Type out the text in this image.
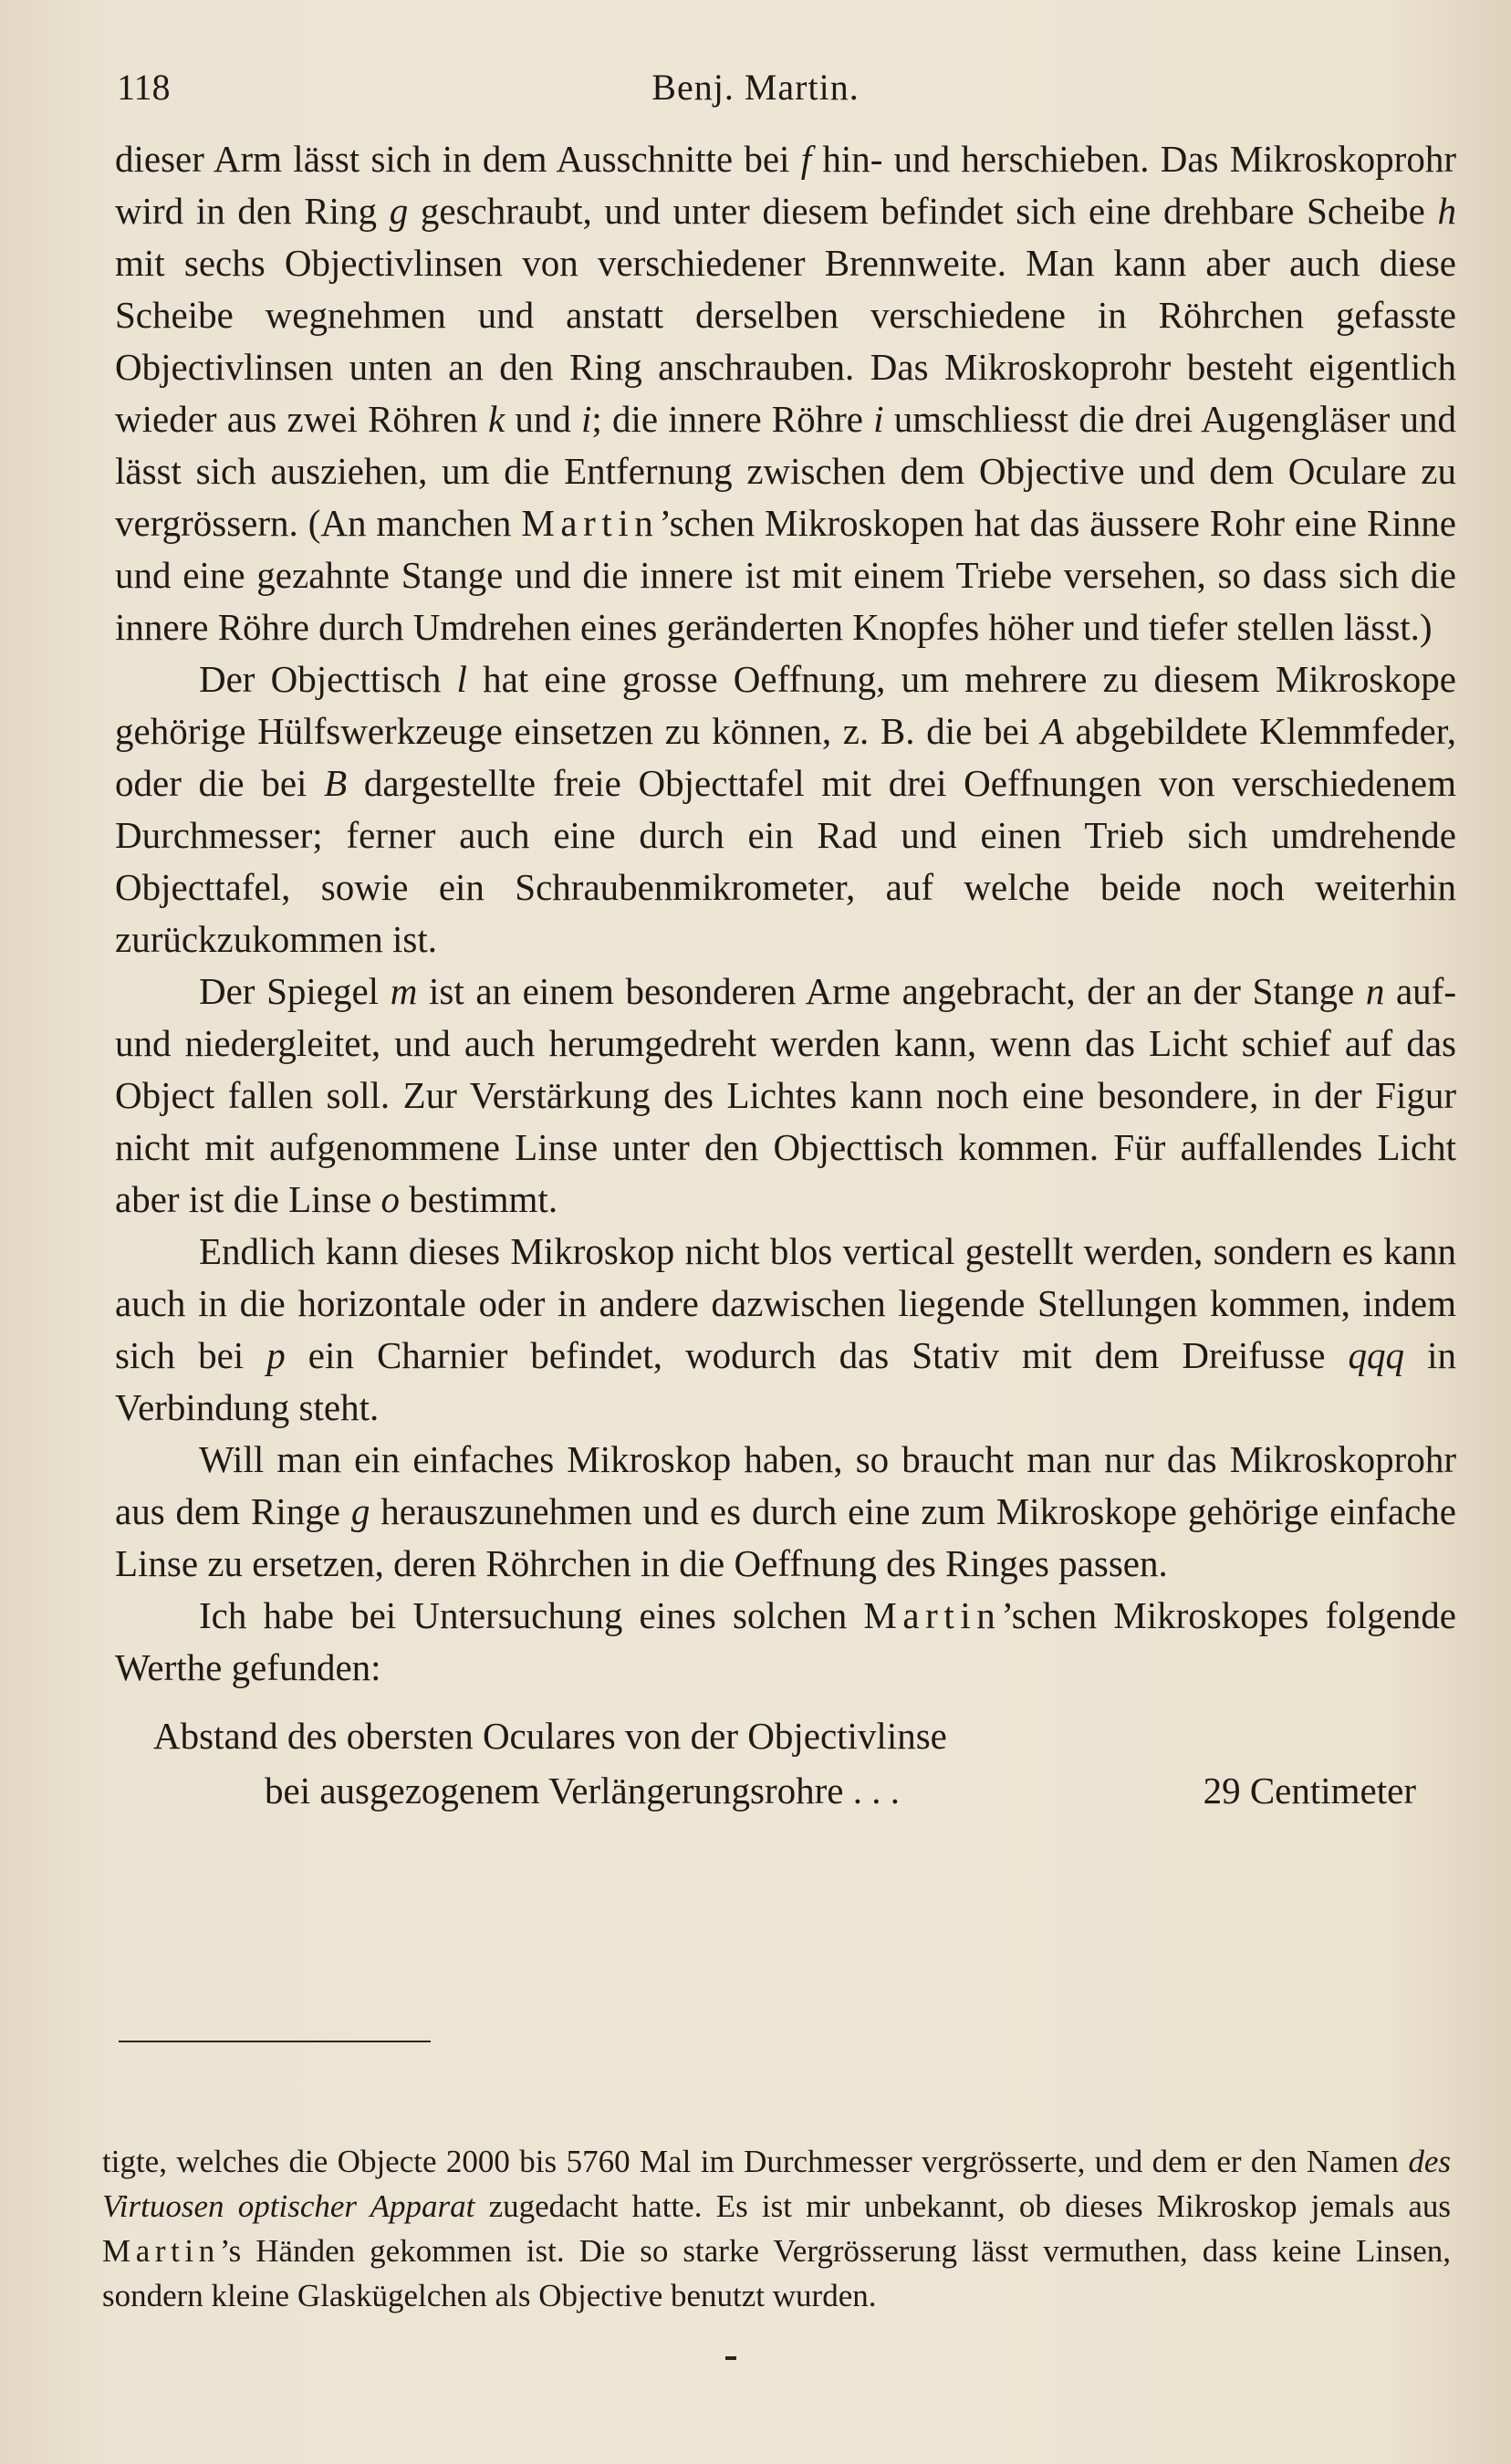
118	Benj. Martin.

dieser Arm lässt sich in dem Ausschnitte bei f hin- und herschieben. Das Mikroskoprohr wird in den Ring g geschraubt, und unter diesem befindet sich eine drehbare Scheibe h mit sechs Objectivlinsen von verschiedener Brennweite. Man kann aber auch diese Scheibe wegnehmen und anstatt derselben verschiedene in Röhrchen gefasste Objectivlinsen unten an den Ring anschrauben. Das Mikroskoprohr besteht eigentlich wieder aus zwei Röhren k und i; die innere Röhre i umschliesst die drei Augengläser und lässt sich ausziehen, um die Entfernung zwischen dem Objective und dem Oculare zu vergrössern. (An manchen Martin’schen Mikroskopen hat das äussere Rohr eine Rinne und eine gezahnte Stange und die innere ist mit einem Triebe versehen, so dass sich die innere Röhre durch Umdrehen eines geränderten Knopfes höher und tiefer stellen lässt.)

Der Objecttisch l hat eine grosse Oeffnung, um mehrere zu diesem Mikroskope gehörige Hülfswerkzeuge einsetzen zu können, z. B. die bei A abgebildete Klemmfeder, oder die bei B dargestellte freie Objecttafel mit drei Oeffnungen von verschiedenem Durchmesser; ferner auch eine durch ein Rad und einen Trieb sich umdrehende Objecttafel, sowie ein Schraubenmikrometer, auf welche beide noch weiterhin zurückzukommen ist.

Der Spiegel m ist an einem besonderen Arme angebracht, der an der Stange n auf- und niedergleitet, und auch herumgedreht werden kann, wenn das Licht schief auf das Object fallen soll. Zur Verstärkung des Lichtes kann noch eine besondere, in der Figur nicht mit aufgenommene Linse unter den Objecttisch kommen. Für auffallendes Licht aber ist die Linse o bestimmt.

Endlich kann dieses Mikroskop nicht blos vertical gestellt werden, sondern es kann auch in die horizontale oder in andere dazwischen liegende Stellungen kommen, indem sich bei p ein Charnier befindet, wodurch das Stativ mit dem Dreifusse qqq in Verbindung steht.

Will man ein einfaches Mikroskop haben, so braucht man nur das Mikroskoprohr aus dem Ringe g herauszunehmen und es durch eine zum Mikroskope gehörige einfache Linse zu ersetzen, deren Röhrchen in die Oeffnung des Ringes passen.

Ich habe bei Untersuchung eines solchen Martin’schen Mikroskopes folgende Werthe gefunden:

Abstand des obersten Oculares von der Objectivlinse
bei ausgezogenem Verlängerungsrohre . . .	29 Centimeter

tigte, welches die Objecte 2000 bis 5760 Mal im Durchmesser vergrösserte, und dem er den Namen des Virtuosen optischer Apparat zugedacht hatte. Es ist mir unbekannt, ob dieses Mikroskop jemals aus Martin’s Händen gekommen ist. Die so starke Vergrösserung lässt vermuthen, dass keine Linsen, sondern kleine Glaskügelchen als Objective benutzt wurden.
